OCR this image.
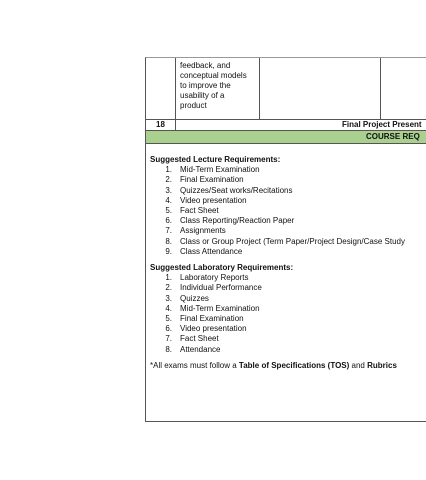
feedback, and
conceptual models
to improve the
usability of a
product
18	Final Project Present
COURSE REQ
Suggested Lecture Requirements:
1. Mid-Term Examination
2. Final Examination
3. Quizzes/Seat works/Recitations
4. Video presentation
5. Fact Sheet
6. Class Reporting/Reaction Paper
7. Assignments
8. Class or Group Project (Term Paper/Project Design/Case Study
9. Class Attendance
Suggested Laboratory Requirements:
1. Laboratory Reports
2. Individual Performance
3. Quizzes
4. Mid-Term Examination
5. Final Examination
6. Video presentation
7. Fact Sheet
8. Attendance
*All exams must follow a Table of Specifications (TOS) and Rubrics
